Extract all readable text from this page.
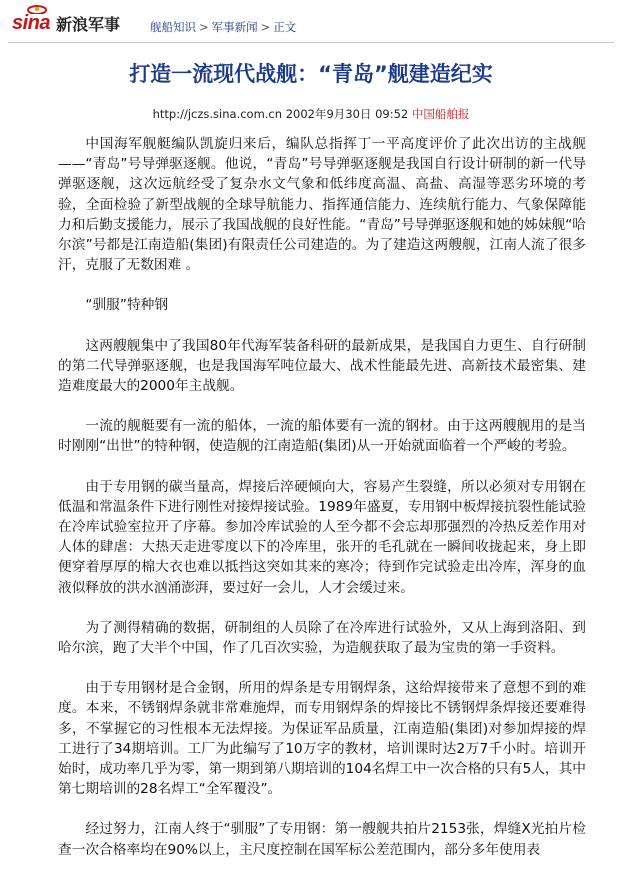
sina 新浪军事	舰船知识 > 军事新闻 > 正文
打造一流现代战舰：“青岛”舰建造纪实
http://jczs.sina.com.cn 2002年9月30日 09:52 中国船舶报

中国海军舰艇编队凯旋归来后，编队总指挥丁一平高度评价了此次出访的主战舰——“青岛”号导弹驱逐舰。他说，“青岛”号导弹驱逐舰是我国自行设计研制的新一代导弹驱逐舰，这次远航经受了复杂水文气象和低纬度高温、高盐、高湿等恶劣环境的考验，全面检验了新型战舰的全球导航能力、指挥通信能力、连续航行能力、气象保障能力和后勤支援能力，展示了我国战舰的良好性能。“青岛”号导弹驱逐舰和她的姊妹舰“哈尔滨”号都是江南造船(集团)有限责任公司建造的。为了建造这两艘舰，江南人流了很多汗，克服了无数困难 。

“驯服”特种钢

这两艘舰集中了我国80年代海军装备科研的最新成果，是我国自力更生、自行研制的第二代导弹驱逐舰，也是我国海军吨位最大、战术性能最先进、高新技术最密集、建造难度最大的2000年主战舰。

一流的舰艇要有一流的船体，一流的船体要有一流的钢材。由于这两艘舰用的是当时刚刚“出世”的特种钢，使造舰的江南造船(集团)从一开始就面临着一个严峻的考验。

由于专用钢的碳当量高，焊接后淬硬倾向大，容易产生裂缝，所以必须对专用钢在低温和常温条件下进行刚性对接焊接试验。1989年盛夏，专用钢中板焊接抗裂性能试验在冷库试验室拉开了序幕。参加冷库试验的人至今都不会忘却那强烈的冷热反差作用对人体的肆虐：大热天走进零度以下的冷库里，张开的毛孔就在一瞬间收拢起来，身上即便穿着厚厚的棉大衣也难以抵挡这突如其来的寒冷；待到作完试验走出冷库，浑身的血液似释放的洪水汹涌澎湃，要过好一会儿，人才会缓过来。

为了测得精确的数据，研制组的人员除了在冷库进行试验外，又从上海到洛阳、到哈尔滨，跑了大半个中国，作了几百次实验，为造舰获取了最为宝贵的第一手资料。

由于专用钢材是合金钢，所用的焊条是专用钢焊条，这给焊接带来了意想不到的难度。本来，不锈钢焊条就非常难施焊，而专用钢焊条的焊接比不锈钢焊条焊接还要难得多，不掌握它的习性根本无法焊接。为保证军品质量，江南造船(集团)对参加焊接的焊工进行了34期培训。工厂为此编写了10万字的教材，培训课时达2万7千小时。培训开始时，成功率几乎为零，第一期到第八期培训的104名焊工中一次合格的只有5人，其中第七期培训的28名焊工“全军覆没”。

经过努力，江南人终于“驯服”了专用钢：第一艘舰共拍片2153张，焊缝X光拍片检查一次合格率均在90%以上，主尺度控制在国军标公差范围内，部分多年使用表
